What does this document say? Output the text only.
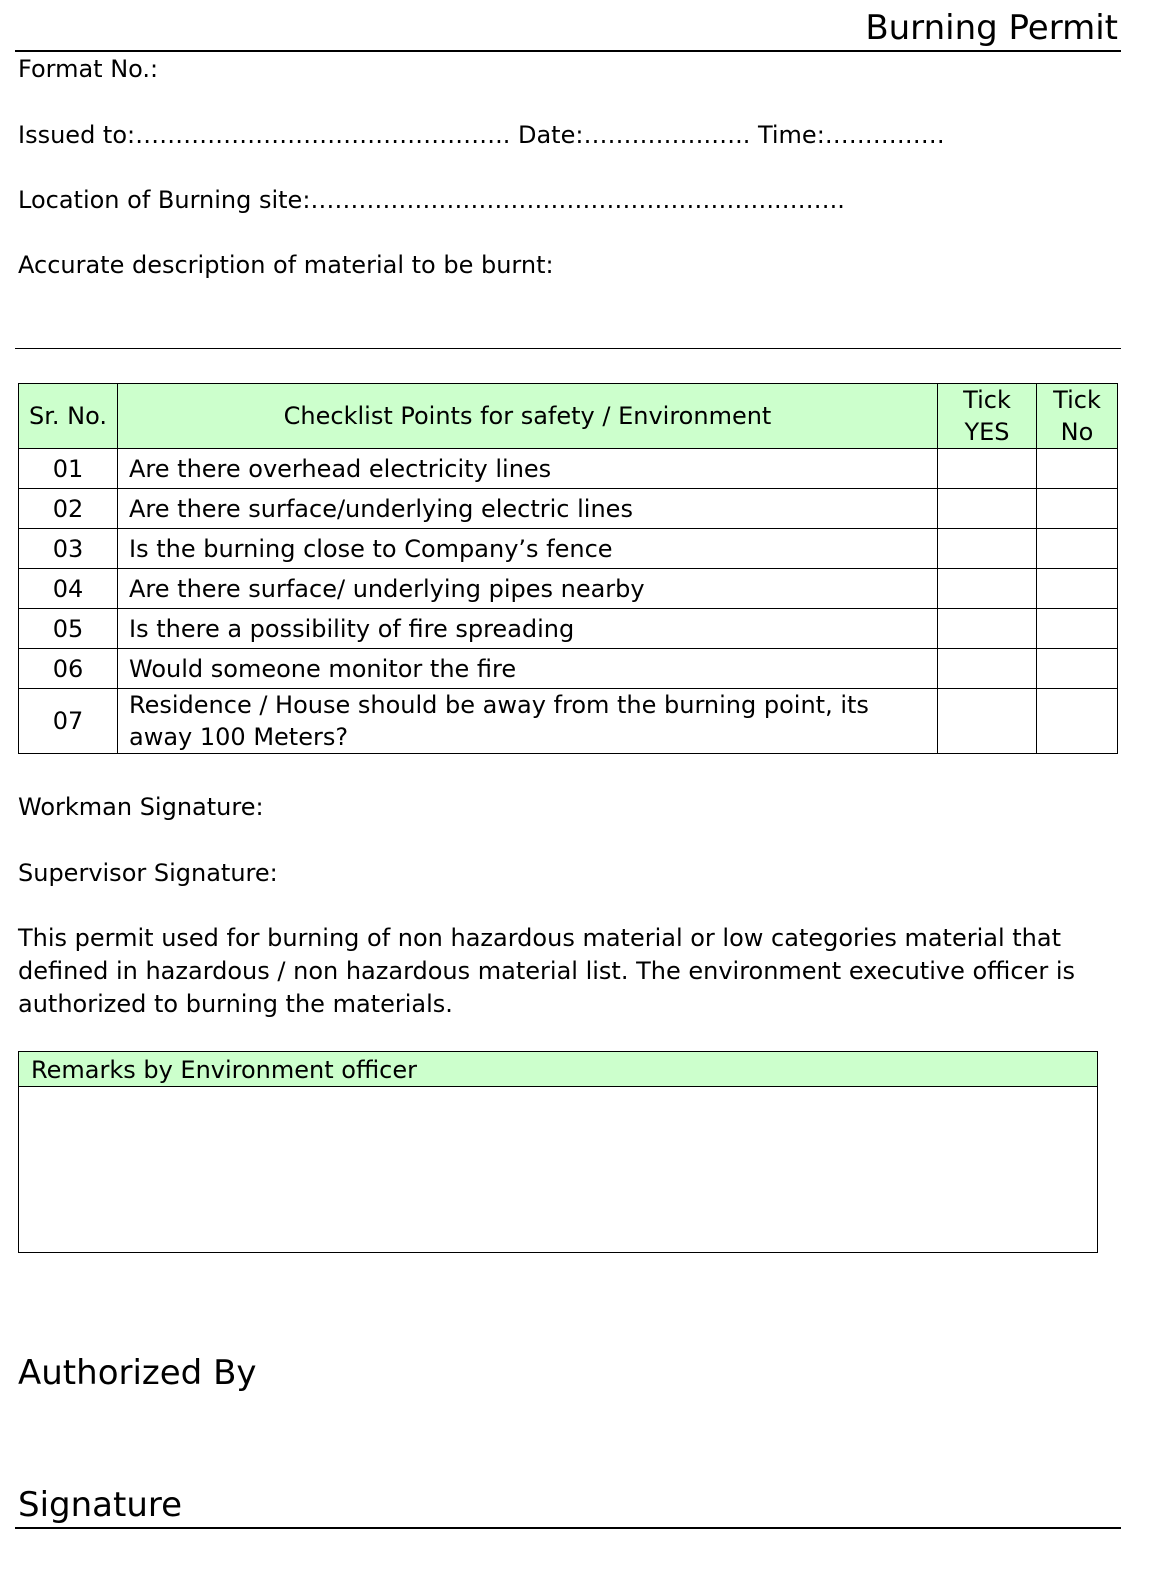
Burning Permit
Format No.:
Issued to:……………………………………….. Date:…………….….. Time:……………
Location of Burning site:…………………………………………………..……..
Accurate description of material to be burnt:
Sr. No.	Checklist Points for safety / Environment	Tick YES	Tick No
01	Are there overhead electricity lines		
02	Are there surface/underlying electric lines		
03	Is the burning close to Company’s fence		
04	Are there surface/ underlying pipes nearby		
05	Is there a possibility of fire spreading		
06	Would someone monitor the fire		
07	Residence / House should be away from the burning point, its away 100 Meters?		
Workman Signature:
Supervisor Signature:
This permit used for burning of non hazardous material or low categories material that defined in hazardous / non hazardous material list. The environment executive officer is authorized to burning the materials.
Remarks by Environment officer
Authorized By
Signature
